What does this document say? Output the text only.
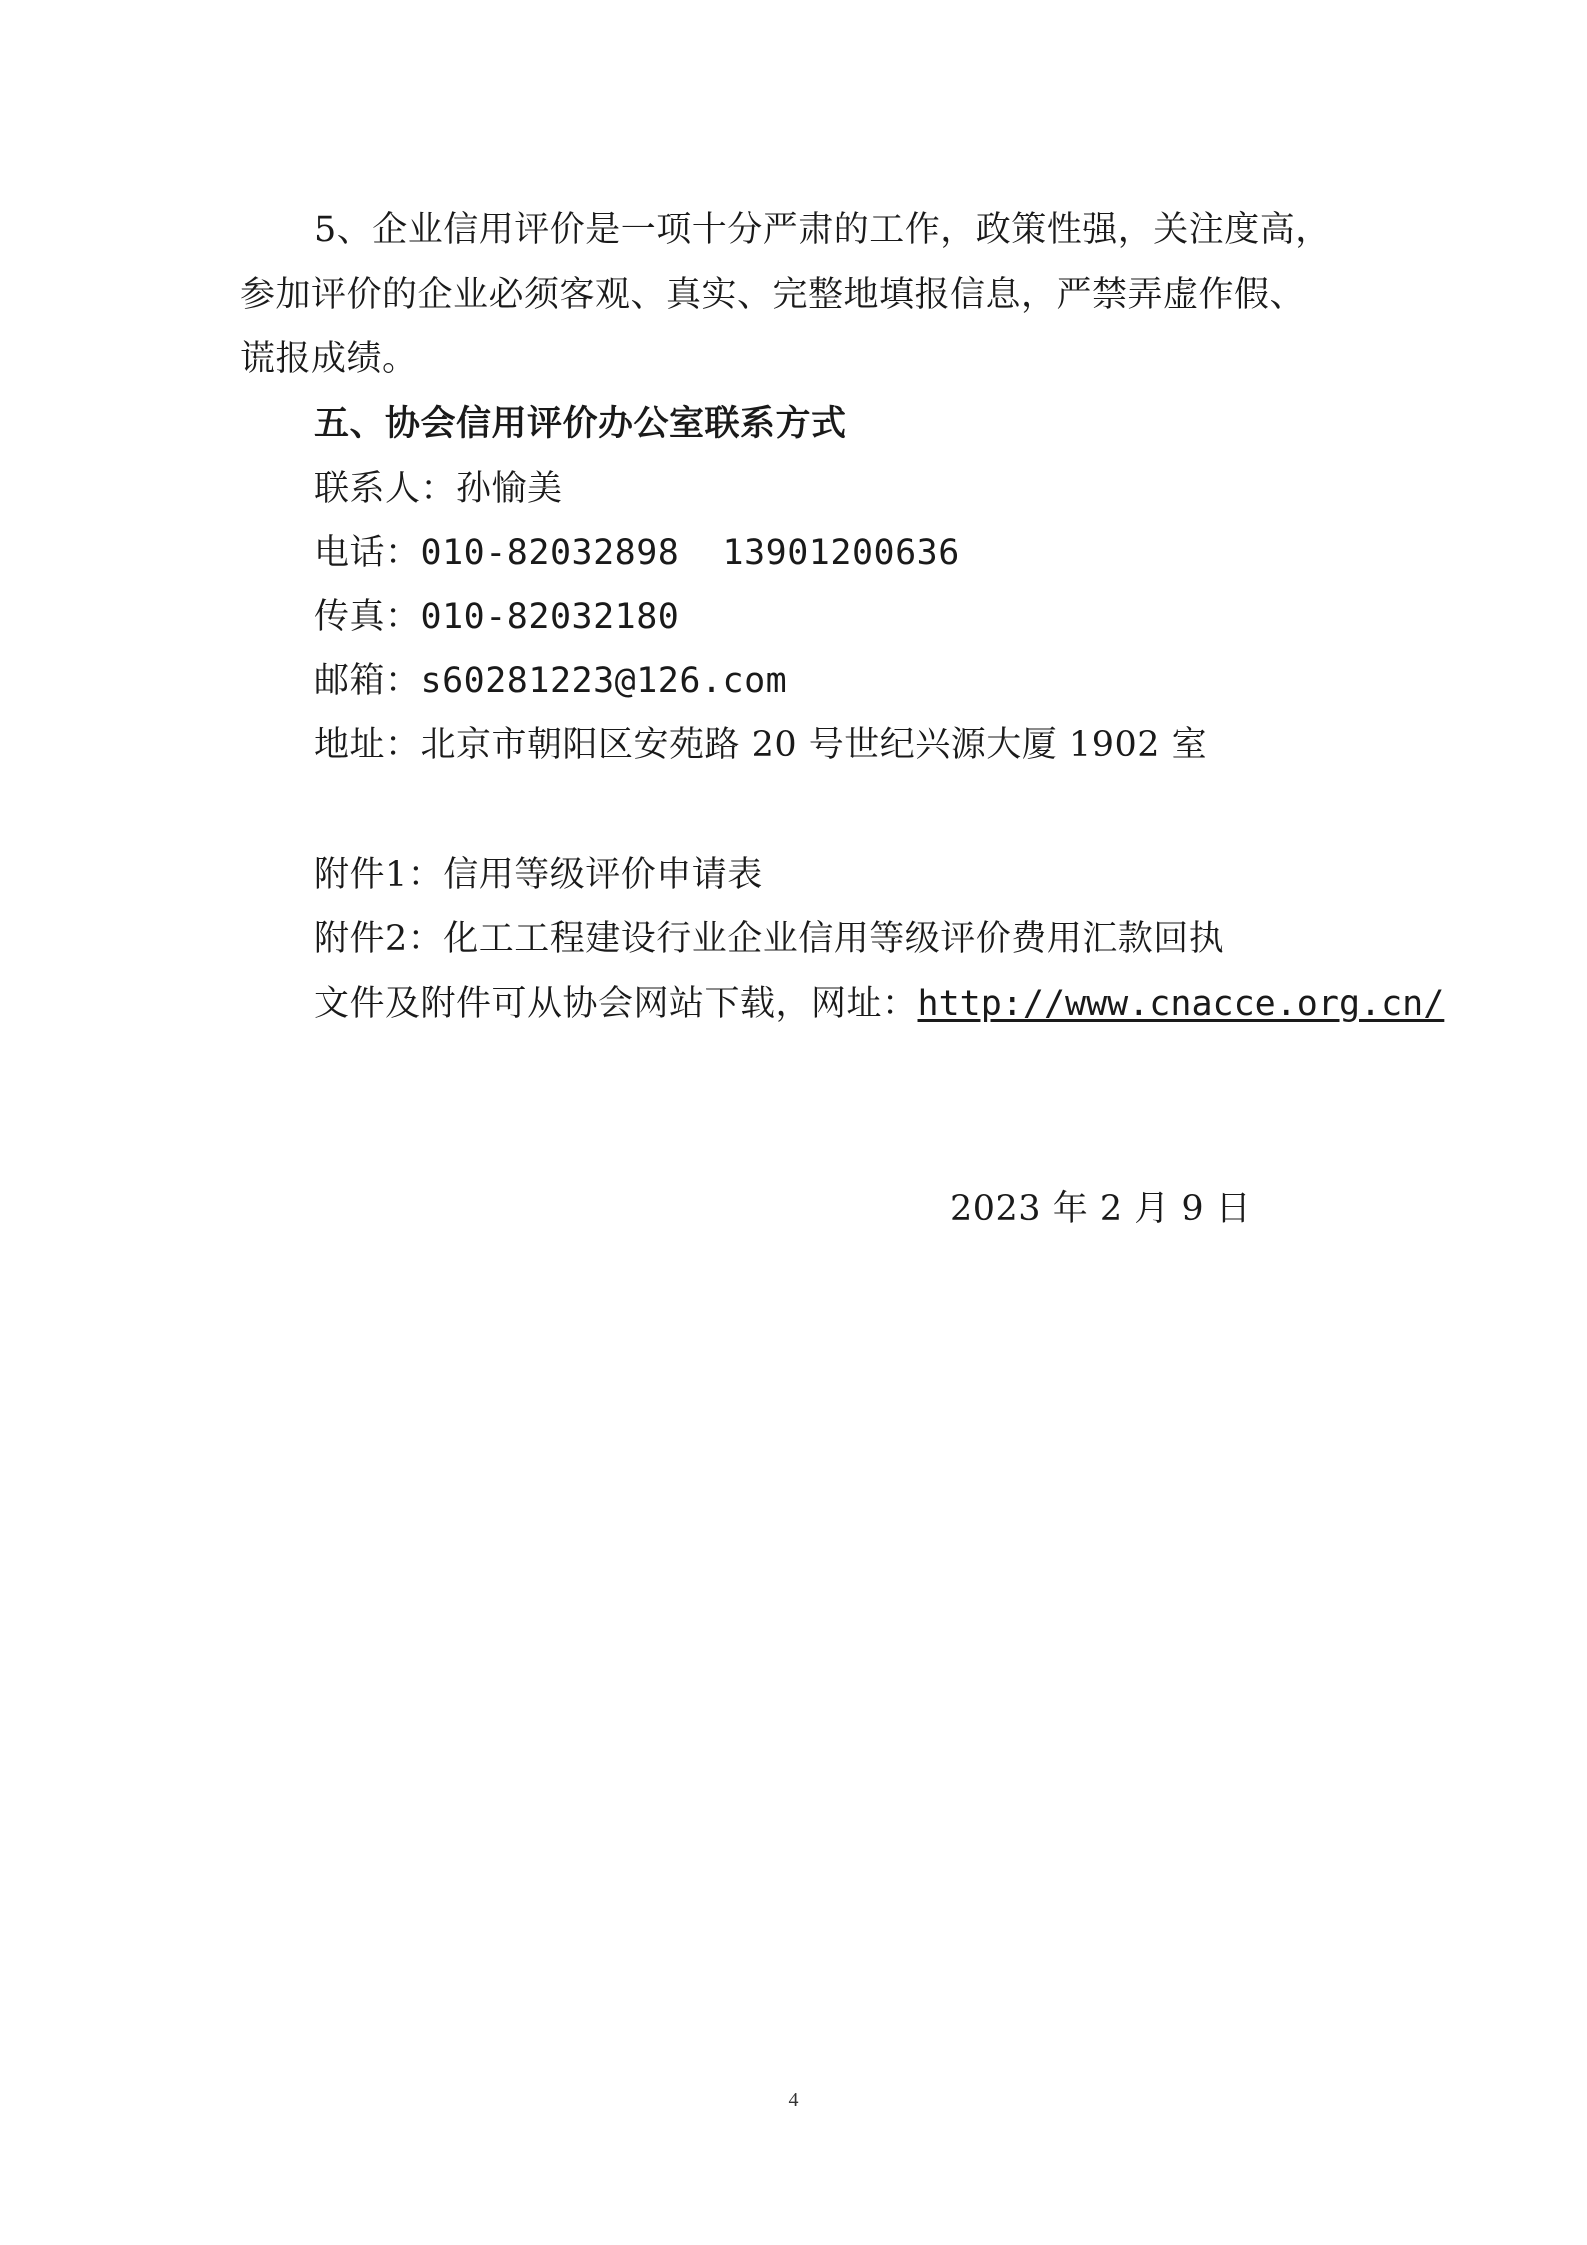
5、企业信用评价是一项十分严肃的工作，政策性强，关注度高，
参加评价的企业必须客观、真实、完整地填报信息，严禁弄虚作假、
谎报成绩。
五、协会信用评价办公室联系方式
联系人：孙愉美
电话：010-82032898  13901200636
传真：010-82032180
邮箱：s60281223@126.com
地址：北京市朝阳区安苑路 20 号世纪兴源大厦 1902 室
附件1：信用等级评价申请表
附件2：化工工程建设行业企业信用等级评价费用汇款回执
文件及附件可从协会网站下载，网址：http://www.cnacce.org.cn/
2023 年 2 月 9 日
4
